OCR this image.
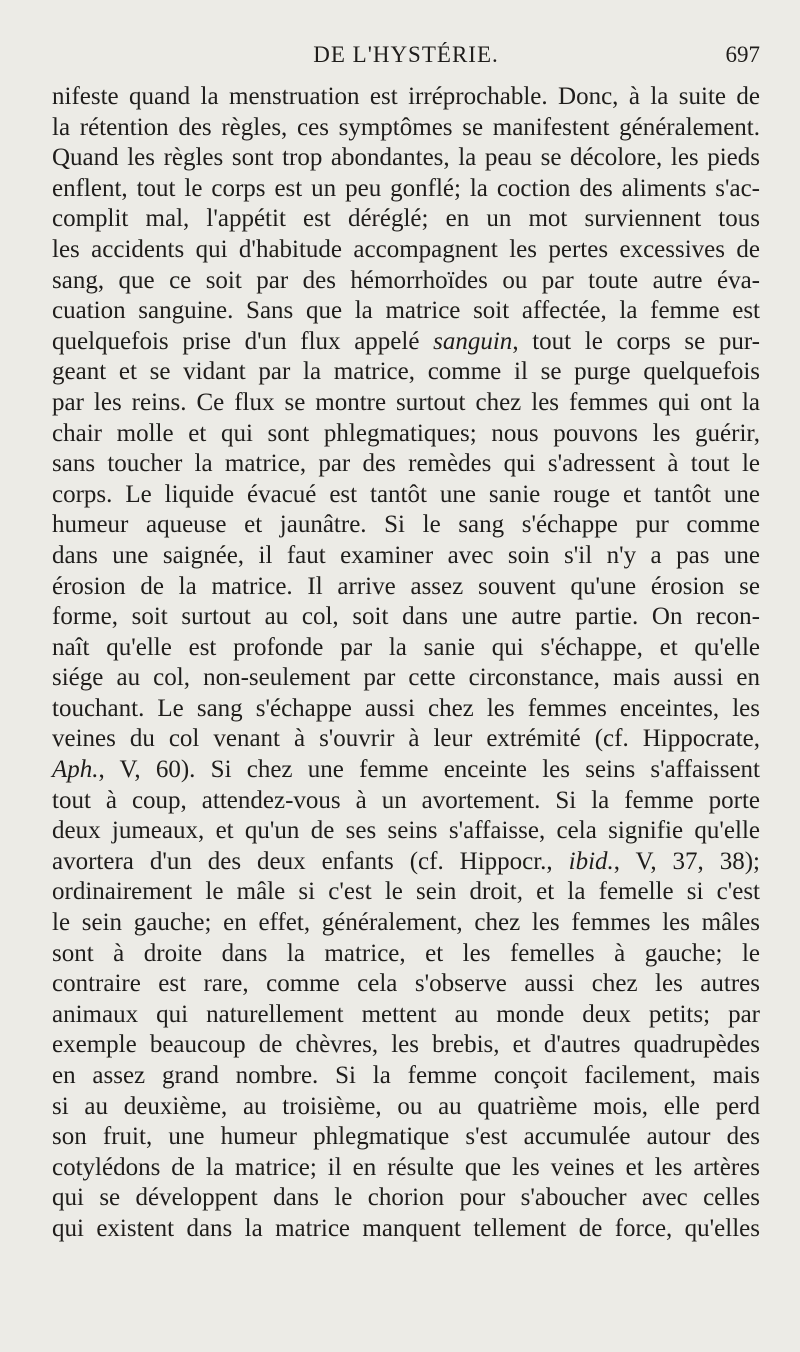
DE L'HYSTÉRIE.	697
nifeste quand la menstruation est irréprochable. Donc, à la suite de
la rétention des règles, ces symptômes se manifestent généralement.
Quand les règles sont trop abondantes, la peau se décolore, les pieds
enflent, tout le corps est un peu gonflé; la coction des aliments s'ac-
complit mal, l'appétit est déréglé; en un mot surviennent tous
les accidents qui d'habitude accompagnent les pertes excessives de
sang, que ce soit par des hémorrhoïdes ou par toute autre éva-
cuation sanguine. Sans que la matrice soit affectée, la femme est
quelquefois prise d'un flux appelé sanguin, tout le corps se pur-
geant et se vidant par la matrice, comme il se purge quelquefois
par les reins. Ce flux se montre surtout chez les femmes qui ont la
chair molle et qui sont phlegmatiques; nous pouvons les guérir,
sans toucher la matrice, par des remèdes qui s'adressent à tout le
corps. Le liquide évacué est tantôt une sanie rouge et tantôt une
humeur aqueuse et jaunâtre. Si le sang s'échappe pur comme
dans une saignée, il faut examiner avec soin s'il n'y a pas une
érosion de la matrice. Il arrive assez souvent qu'une érosion se
forme, soit surtout au col, soit dans une autre partie. On recon-
naît qu'elle est profonde par la sanie qui s'échappe, et qu'elle
siége au col, non-seulement par cette circonstance, mais aussi en
touchant. Le sang s'échappe aussi chez les femmes enceintes, les
veines du col venant à s'ouvrir à leur extrémité (cf. Hippocrate,
Aph., V, 60). Si chez une femme enceinte les seins s'affaissent
tout à coup, attendez-vous à un avortement. Si la femme porte
deux jumeaux, et qu'un de ses seins s'affaisse, cela signifie qu'elle
avortera d'un des deux enfants (cf. Hippocr., ibid., V, 37, 38);
ordinairement le mâle si c'est le sein droit, et la femelle si c'est
le sein gauche; en effet, généralement, chez les femmes les mâles
sont à droite dans la matrice, et les femelles à gauche; le
contraire est rare, comme cela s'observe aussi chez les autres
animaux qui naturellement mettent au monde deux petits; par
exemple beaucoup de chèvres, les brebis, et d'autres quadrupèdes
en assez grand nombre. Si la femme conçoit facilement, mais
si au deuxième, au troisième, ou au quatrième mois, elle perd
son fruit, une humeur phlegmatique s'est accumulée autour des
cotylédons de la matrice; il en résulte que les veines et les artères
qui se développent dans le chorion pour s'aboucher avec celles
qui existent dans la matrice manquent tellement de force, qu'elles
